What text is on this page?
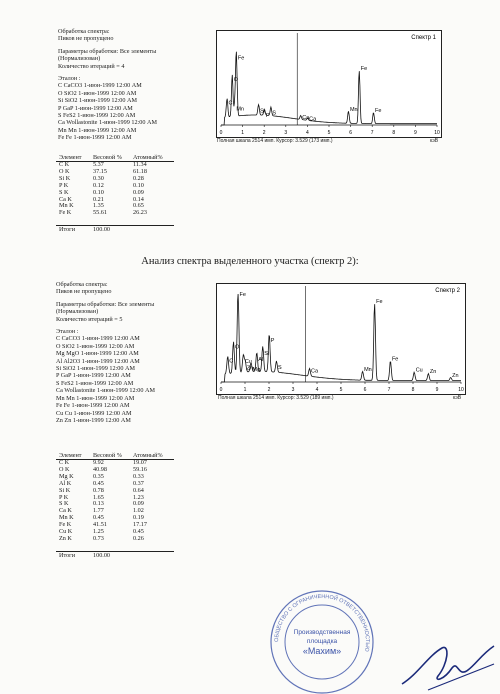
Обработка спектра:
Пиков не пропущено
Параметры обработки: Все элементы
(Нормализован)
Количество итераций = 4
Эталон :
C CaCO3 1-июн-1999 12:00 AM
O SiO2 1-июн-1999 12:00 AM
Si SiO2 1-июн-1999 12:00 AM
P GaP 1-июн-1999 12:00 AM
S FeS2 1-июн-1999 12:00 AM
Ca Wollastonite 1-июн-1999 12:00 AM
Mn Mn 1-июн-1999 12:00 AM
Fe Fe 1-июн-1999 12:00 AM
Элемент	Весовой %	Атомный%
C K	5.37	11.34
O K	37.15	61.18
Si K	0.30	0.28
P K	0.12	0.10
S K	0.10	0.09
Ca K	0.21	0.14
Mn K	1.35	0.65
Fe K	55.61	26.23

Итоги	100.00	
0	1	2	3	4	5	6	7	8	9	10
O
C
Fe
Mn	Si
P S
Ca Ca
Mn
Fe
Fe
Спектр 1
Полная шкала 2514 имп. Курсор: 3.529 (173 имп.)	кэВ
Анализ спектра выделенного участка (спектр 2):
Обработка спектра:
Пиков не пропущено
Параметры обработки: Все элементы
(Нормализован)
Количество итераций = 5
Эталон :
C CaCO3 1-июн-1999 12:00 AM
O SiO2 1-июн-1999 12:00 AM
Mg MgO 1-июн-1999 12:00 AM
Al Al2O3 1-июн-1999 12:00 AM
Si SiO2 1-июн-1999 12:00 AM
P GaP 1-июн-1999 12:00 AM
S FeS2 1-июн-1999 12:00 AM
Ca Wollastonite 1-июн-1999 12:00 AM
Mn Mn 1-июн-1999 12:00 AM
Fe Fe 1-июн-1999 12:00 AM
Cu Cu 1-июн-1999 12:00 AM
Zn Zn 1-июн-1999 12:00 AM
Элемент	Весовой %	Атомный%
C K	9.92	19.07
O K	40.98	59.16
Mg K	0.35	0.33
Al K	0.45	0.37
Si K	0.78	0.64
P K	1.65	1.23
S K	0.13	0.09
Ca K	1.77	1.02
Mn K	0.45	0.19
Fe K	41.51	17.17
Cu K	1.25	0.45
Zn K	0.73	0.26

Итоги	100.00	
0	1	2	3	4	5	6	7	8	9	10
Fe
O
C Cu
Zn Mg
Al
Si
P
S
Ca	Mn
Fe
Fe
Cu Zn
Zn
Спектр 2
Полная шкала 2514 имп. Курсор: 3.529 (189 имп.)	кэВ
ОБЩЕСТВО С ОГРАНИЧЕННОЙ ОТВЕТСТВЕННОСТЬЮ
Производственная
площадка
«Махим»
